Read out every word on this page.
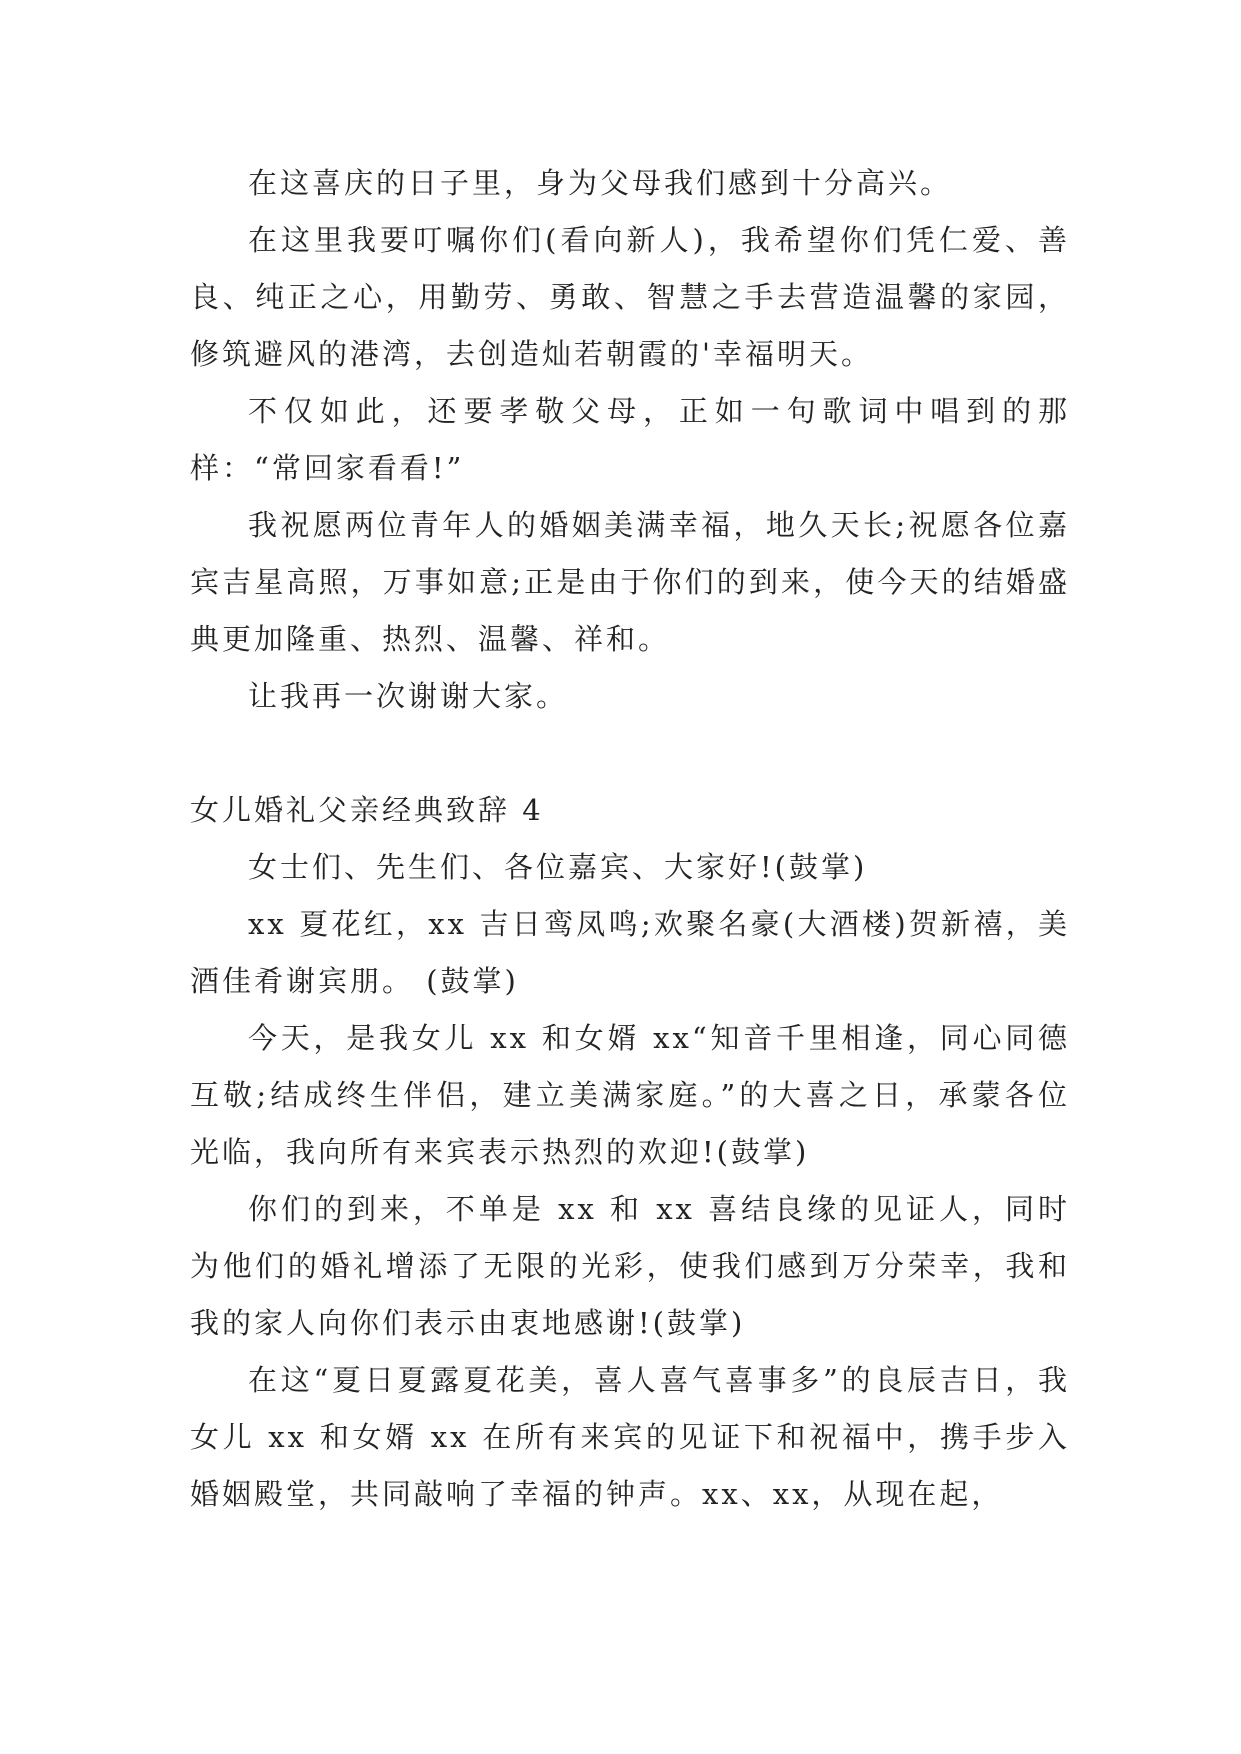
在这喜庆的日子里，身为父母我们感到十分高兴。

在这里我要叮嘱你们(看向新人)，我希望你们凭仁爱、善良、纯正之心，用勤劳、勇敢、智慧之手去营造温馨的家园，修筑避风的港湾，去创造灿若朝霞的'幸福明天。

不仅如此，还要孝敬父母，正如一句歌词中唱到的那样：“常回家看看!”

我祝愿两位青年人的婚姻美满幸福，地久天长;祝愿各位嘉宾吉星高照，万事如意;正是由于你们的到来，使今天的结婚盛典更加隆重、热烈、温馨、祥和。

让我再一次谢谢大家。

女儿婚礼父亲经典致辞 4

女士们、先生们、各位嘉宾、大家好!(鼓掌)

xx 夏花红，xx 吉日鸾凤鸣;欢聚名豪(大酒楼)贺新禧，美酒佳肴谢宾朋。 (鼓掌)

今天，是我女儿 xx 和女婿 xx“知音千里相逢，同心同德互敬;结成终生伴侣，建立美满家庭。”的大喜之日，承蒙各位光临，我向所有来宾表示热烈的欢迎!(鼓掌)

你们的到来，不单是 xx 和 xx 喜结良缘的见证人，同时为他们的婚礼增添了无限的光彩，使我们感到万分荣幸，我和我的家人向你们表示由衷地感谢!(鼓掌)

在这“夏日夏露夏花美，喜人喜气喜事多”的良辰吉日，我女儿 xx 和女婿 xx 在所有来宾的见证下和祝福中，携手步入婚姻殿堂，共同敲响了幸福的钟声。xx、xx，从现在起，
